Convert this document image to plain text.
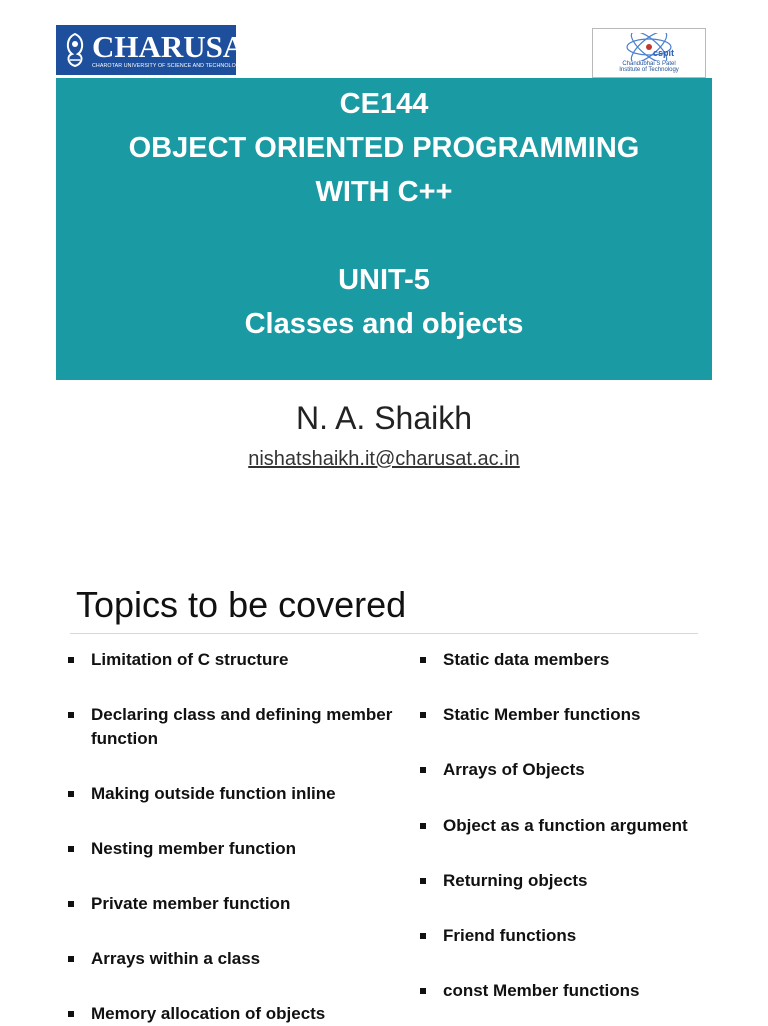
CHARUSAT
CHAROTAR UNIVERSITY OF SCIENCE AND TECHNOLOGY
cspit
Chandubhai S Patel
Institute of Technology
CE144
OBJECT ORIENTED PROGRAMMING
WITH C++
UNIT-5
Classes and objects
N. A. Shaikh
nishatshaikh.it@charusat.ac.in
Topics to be covered
Limitation of C structure
Declaring class and defining member
function
Making outside function inline
Nesting member function
Private member function
Arrays within a class
Memory allocation of objects
Static data members
Static Member functions
Arrays of Objects
Object as a function argument
Returning objects
Friend functions
const Member functions
